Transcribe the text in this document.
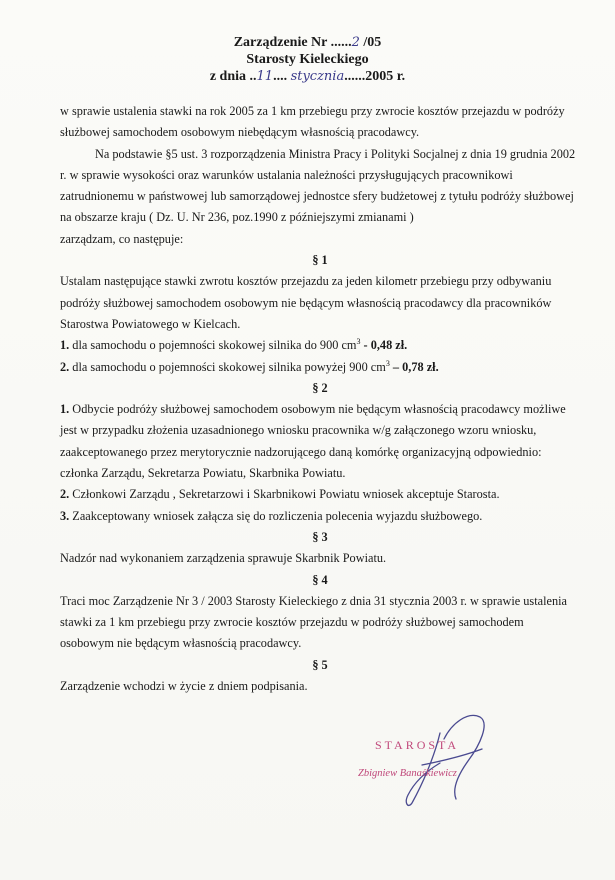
Zarządzenie Nr ......2 /05
Starosty Kieleckiego
z dnia ..11.... stycznia......2005 r.

w sprawie ustalenia stawki na rok 2005 za 1 km przebiegu przy zwrocie kosztów przejazdu w podróży służbowej samochodem osobowym niebędącym własnością pracodawcy.

Na podstawie §5 ust. 3 rozporządzenia Ministra Pracy i Polityki Socjalnej z dnia 19 grudnia 2002 r. w sprawie wysokości oraz warunków ustalania należności przysługujących pracownikowi zatrudnionemu w państwowej lub samorządowej jednostce sfery budżetowej z tytułu podróży służbowej na obszarze kraju ( Dz. U. Nr 236, poz.1990 z późniejszymi zmianami )

zarządzam, co następuje:

§ 1

Ustalam następujące stawki zwrotu kosztów przejazdu za jeden kilometr przebiegu przy odbywaniu podróży służbowej samochodem osobowym nie będącym własnością pracodawcy dla pracowników Starostwa Powiatowego w Kielcach.

1. dla samochodu o pojemności skokowej silnika do 900 $cm^3 - 0,48$ zł.

2. dla samochodu o pojemności skokowej silnika powyżej 900 $cm^3 - 0,78$ zł.

§ 2

1. Odbycie podróży służbowej samochodem osobowym nie będącym własnością pracodawcy możliwe jest w przypadku złożenia uzasadnionego wniosku pracownika w/g załączonego wzoru wniosku, zaakceptowanego przez merytorycznie nadzorującego daną komórkę organizacyjną odpowiednio: członka Zarządu, Sekretarza Powiatu, Skarbnika Powiatu.

2. Członkowi Zarządu , Sekretarzowi i Skarbnikowi Powiatu wniosek akceptuje Starosta.

3. Zaakceptowany wniosek załącza się do rozliczenia polecenia wyjazdu służbowego.

§ 3

Nadzór nad wykonaniem zarządzenia sprawuje Skarbnik Powiatu.

§ 4

Traci moc Zarządzenie Nr 3 / 2003 Starosty Kieleckiego z dnia 31 stycznia 2003 r. w sprawie ustalenia stawki za 1 km przebiegu przy zwrocie kosztów przejazdu w podróży służbowej samochodem osobowym nie będącym własnością pracodawcy.

§ 5

Zarządzenie wchodzi w życie z dniem podpisania.

STAROSTA
Zbigniew Banaśkiewicz
